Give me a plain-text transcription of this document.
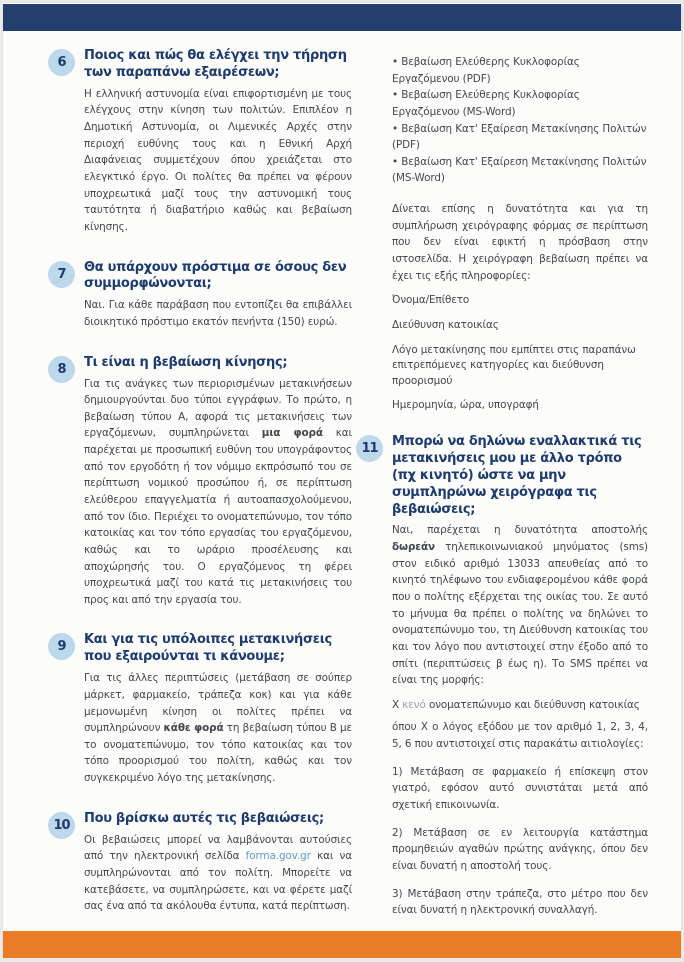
6	Ποιος και πώς θα ελέγχει την τήρηση των παραπάνω εξαιρέσεων;

Η ελληνική αστυνομία είναι επιφορτισμένη με τους ελέγχους στην κίνηση των πολιτών. Επιπλέον η Δημοτική Αστυνομία, οι Λιμενικές Αρχές στην περιοχή ευθύνης τους και η Εθνική Αρχή Διαφάνειας συμμετέχουν όπου χρειάζεται στο ελεγκτικό έργο. Οι πολίτες θα πρέπει να φέρουν υποχρεωτικά μαζί τους την αστυνομική τους ταυτότητα ή διαβατήριο καθώς και βεβαίωση κίνησης.

7	Θα υπάρχουν πρόστιμα σε όσους δεν συμμορφώνονται;

Ναι. Για κάθε παράβαση που εντοπίζει θα επιβάλλει διοικητικό πρόστιμο εκατόν πενήντα (150) ευρώ.

8	Τι είναι η βεβαίωση κίνησης;

Για τις ανάγκες των περιορισμένων μετακινήσεων δημιουργούνται δυο τύποι εγγράφων. Το πρώτο, η βεβαίωση τύπου Α, αφορά τις μετακινήσεις των εργαζόμενων, συμπληρώνεται μια φορά και παρέχεται με προσωπική ευθύνη του υπογράφοντος από τον εργοδότη ή τον νόμιμο εκπρόσωπό του σε περίπτωση νομικού προσώπου ή, σε περίπτωση ελεύθερου επαγγελματία ή αυτοαπασχολούμενου, από τον ίδιο. Περιέχει το ονοματεπώνυμο, τον τόπο κατοικίας και τον τόπο εργασίας του εργαζόμενου, καθώς και το ωράριο προσέλευσης και αποχώρησής του. Ο εργαζόμενος τη φέρει υποχρεωτικά μαζί του κατά τις μετακινήσεις του προς και από την εργασία του.

9	Και για τις υπόλοιπες μετακινήσεις που εξαιρούνται τι κάνουμε;

Για τις άλλες περιπτώσεις (μετάβαση σε σούπερ μάρκετ, φαρμακείο, τράπεζα κοκ) και για κάθε μεμονωμένη κίνηση οι πολίτες πρέπει να συμπληρώνουν κάθε φορά τη βεβαίωση τύπου Β με το ονοματεπώνυμο, τον τόπο κατοικίας και τον τόπο προορισμού του πολίτη, καθώς και τον συγκεκριμένο λόγο της μετακίνησης.

10	Που βρίσκω αυτές τις βεβαιώσεις;

Οι βεβαιώσεις μπορεί να λαμβάνονται αυτούσιες από την ηλεκτρονική σελίδα forma.gov.gr και να συμπληρώνονται από τον πολίτη. Μπορείτε να κατεβάσετε, να συμπληρώσετε, και να φέρετε μαζί σας ένα από τα ακόλουθα έντυπα, κατά περίπτωση.

• Βεβαίωση Ελεύθερης Κυκλοφορίας Εργαζόμενου (PDF)
• Βεβαίωση Ελεύθερης Κυκλοφορίας Εργαζόμενου (MS-Word)
• Βεβαίωση Κατ' Εξαίρεση Μετακίνησης Πολιτών (PDF)
• Βεβαίωση Κατ' Εξαίρεση Μετακίνησης Πολιτών (MS-Word)

Δίνεται επίσης η δυνατότητα και για τη συμπλήρωση χειρόγραφης φόρμας σε περίπτωση που δεν είναι εφικτή η πρόσβαση στην ιστοσελίδα. Η χειρόγραφη βεβαίωση πρέπει να έχει τις εξής πληροφορίες:

Όνομα/Επίθετο

Διεύθυνση κατοικίας

Λόγο μετακίνησης που εμπίπτει στις παραπάνω επιτρεπόμενες κατηγορίες και διεύθυνση προορισμού

Ημερομηνία, ώρα, υπογραφή

11	Μπορώ να δηλώνω εναλλακτικά τις μετακινήσεις μου με άλλο τρόπο (πχ κινητό) ώστε να μην συμπληρώνω χειρόγραφα τις βεβαιώσεις;

Ναι, παρέχεται η δυνατότητα αποστολής δωρεάν τηλεπικοινωνιακού μηνύματος (sms) στον ειδικό αριθμό 13033 απευθείας από το κινητό τηλέφωνο του ενδιαφερομένου κάθε φορά που ο πολίτης εξέρχεται της οικίας του. Σε αυτό το μήνυμα θα πρέπει ο πολίτης να δηλώνει το ονοματεπώνυμο του, τη Διεύθυνση κατοικίας του και τον λόγο που αντιστοιχεί στην έξοδο από το σπίτι (περιπτώσεις β έως η). Το SMS πρέπει να είναι της μορφής:

X κενό ονοματεπώνυμο και διεύθυνση κατοικίας

όπου X ο λόγος εξόδου με τον αριθμό 1, 2, 3, 4, 5, 6 που αντιστοιχεί στις παρακάτω αιτιολογίες:

1) Μετάβαση σε φαρμακείο ή επίσκεψη στον γιατρό, εφόσον αυτό συνιστάται μετά από σχετική επικοινωνία.

2) Μετάβαση σε εν λειτουργία κατάστημα προμηθειών αγαθών πρώτης ανάγκης, όπου δεν είναι δυνατή η αποστολή τους.

3) Μετάβαση στην τράπεζα, στο μέτρο που δεν είναι δυνατή η ηλεκτρονική συναλλαγή.
